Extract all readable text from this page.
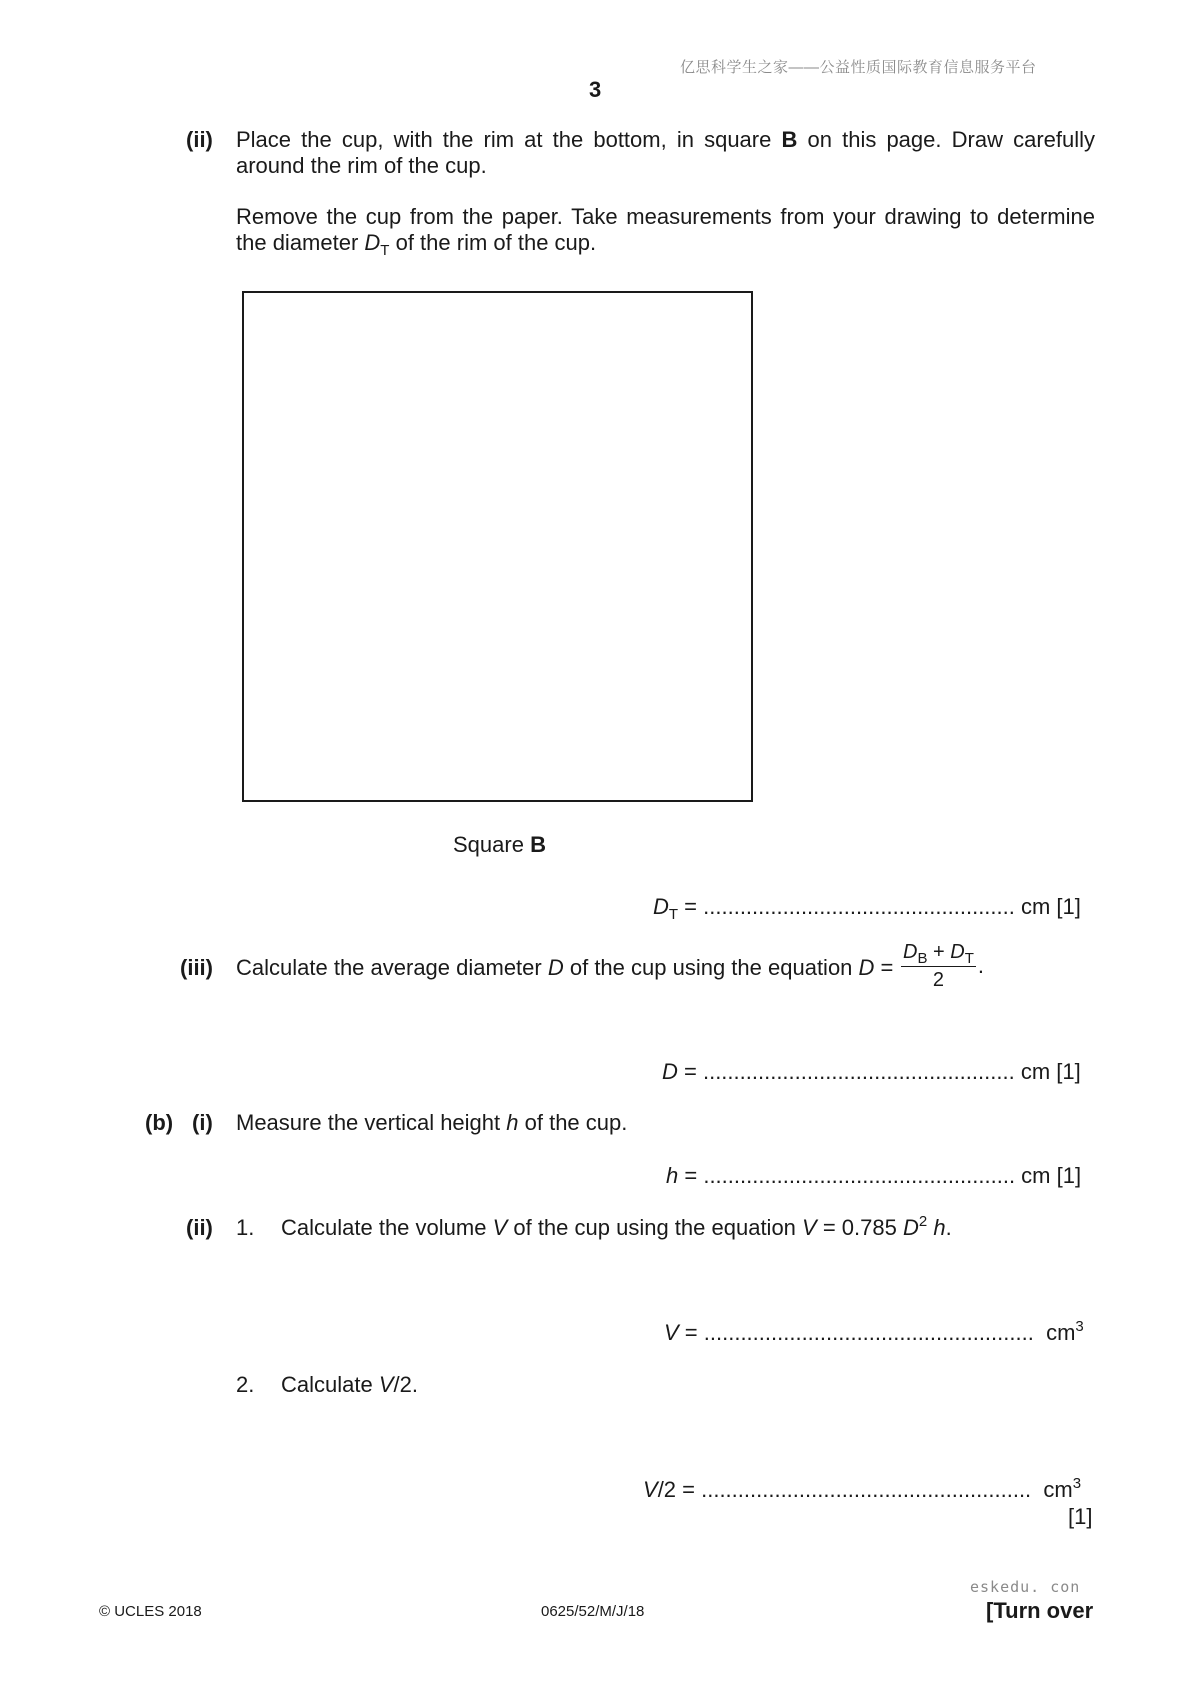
亿思科学生之家——公益性质国际教育信息服务平台
3
(ii) Place the cup, with the rim at the bottom, in square B on this page. Draw carefully around the rim of the cup.
Remove the cup from the paper. Take measurements from your drawing to determine the diameter $D_T$ of the rim of the cup.
Square B
$D_T$ = ................................................... cm [1]
(iii) Calculate the average diameter D of the cup using the equation $D = \frac{D_B + D_T}{2}$ .
D = ................................................... cm [1]
(b) (i) Measure the vertical height h of the cup.
h = ................................................... cm [1]
(ii) 1. Calculate the volume V of the cup using the equation V = 0.785 $D^2$ h.
V = ...................................................... $cm^3$
2. Calculate V/2.
V/2 = ...................................................... $cm^3$
[1]
eskedu. con
© UCLES 2018	0625/52/M/J/18	[Turn over
